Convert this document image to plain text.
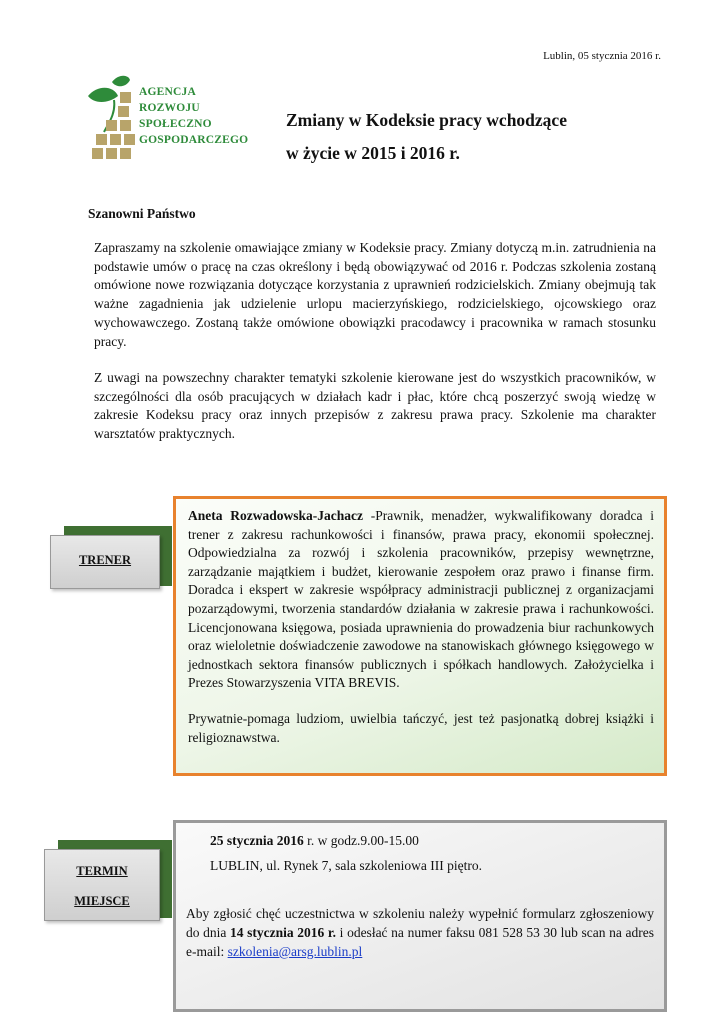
Lublin, 05 stycznia 2016 r.
AGENCJA
ROZWOJU
SPOŁECZNO
GOSPODARCZEGO
Zmiany w Kodeksie pracy wchodzące
w życie w 2015 i 2016 r.
Szanowni Państwo
Zapraszamy na szkolenie omawiające zmiany w Kodeksie pracy. Zmiany dotyczą m.in. zatrudnienia na podstawie umów o pracę na czas określony i będą obowiązywać od 2016 r. Podczas szkolenia zostaną omówione nowe rozwiązania dotyczące korzystania z uprawnień rodzicielskich. Zmiany obejmują tak ważne zagadnienia jak udzielenie urlopu macierzyńskiego, rodzicielskiego, ojcowskiego oraz wychowawczego. Zostaną także omówione obowiązki pracodawcy i pracownika w ramach stosunku pracy.
Z uwagi na powszechny charakter tematyki szkolenie kierowane jest do wszystkich pracowników, w szczególności dla osób pracujących w działach kadr i płac, które chcą poszerzyć swoją wiedzę w zakresie Kodeksu pracy oraz innych przepisów z zakresu prawa pracy. Szkolenie ma charakter warsztatów praktycznych.
TRENER

Aneta Rozwadowska-Jachacz -Prawnik, menadżer, wykwalifikowany doradca i trener z zakresu rachunkowości i finansów, prawa pracy, ekonomii społecznej. Odpowiedzialna za rozwój i szkolenia pracowników, przepisy wewnętrzne, zarządzanie majątkiem i budżet, kierowanie zespołem oraz prawo i finanse firm. Doradca i ekspert w zakresie współpracy administracji publicznej z organizacjami pozarządowymi, tworzenia standardów działania w zakresie prawa i rachunkowości. Licencjonowana księgowa, posiada uprawnienia do prowadzenia biur rachunkowych oraz wieloletnie doświadczenie zawodowe na stanowiskach głównego księgowego w jednostkach sektora finansów publicznych i spółkach handlowych. Założycielka i Prezes Stowarzyszenia VITA BREVIS.

Prywatnie-pomaga ludziom, uwielbia tańczyć, jest też pasjonatką dobrej książki i religioznawstwa.

TERMIN
MIEJSCE
25 stycznia 2016 r. w godz.9.00-15.00
LUBLIN, ul. Rynek 7, sala szkoleniowa III piętro.
Aby zgłosić chęć uczestnictwa w szkoleniu należy wypełnić formularz zgłoszeniowy do dnia 14 stycznia 2016 r. i odesłać na numer faksu 081 528 53 30 lub scan na adres e-mail: szkolenia@arsg.lublin.pl
